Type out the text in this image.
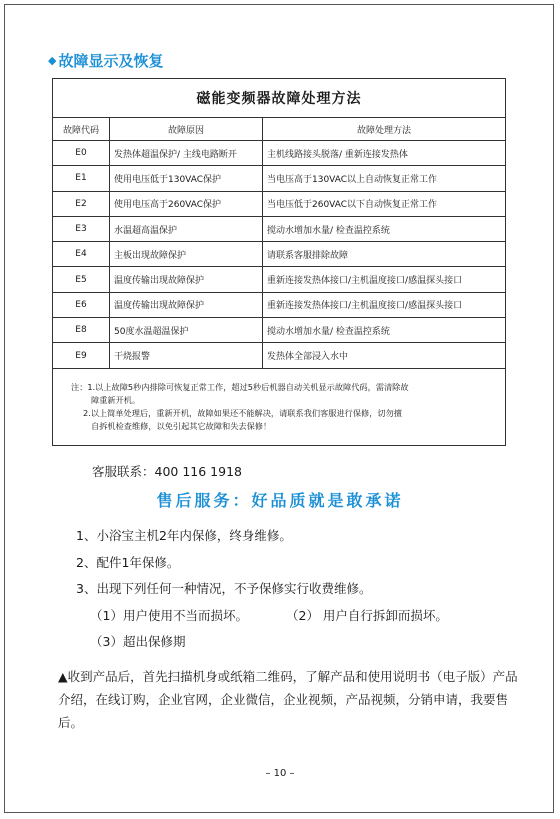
◆ 故障显示及恢复
磁能变频器故障处理方法		
故障代码	故障原因	故障处理方法
E0	发热体超温保护/ 主线电路断开	主机线路接头脱落/ 重新连接发热体
E1	使用电压低于130VAC保护	当电压高于130VAC以上自动恢复正常工作
E2	使用电压高于260VAC保护	当电压低于260VAC以下自动恢复正常工作
E3	水温超高温保护	搅动水增加水量/ 检查温控系统
E4	主板出现故障保护	请联系客服排除故障
E5	温度传输出现故障保护	重新连接发热体接口/主机温度接口/感温探头接口
E6	温度传输出现故障保护	重新连接发热体接口/主机温度接口/感温探头接口
E8	50度水温超温保护	搅动水增加水量/ 检查温控系统
E9	干烧报警	发热体全部浸入水中

注：1.以上故障5秒内排除可恢复正常工作，超过5秒后机器自动关机显示故障代码，需清除故
障重新开机。
2.以上简单处理后，重新开机，故障如果还不能解决，请联系我们客服进行保修，切勿擅
自拆机检查维修，以免引起其它故障和失去保修！		
客服联系：400 116 1918
售后服务：好品质就是敢承诺
1、小浴宝主机2年内保修，终身维修。
2、配件1年保修。
3、出现下列任何一种情况，不予保修实行收费维修。
（1）用户使用不当而损坏。	（2） 用户自行拆卸而损坏。
（3）超出保修期
▲收到产品后，首先扫描机身或纸箱二维码，了解产品和使用说明书（电子版）产品介绍，在线订购，企业官网，企业微信，企业视频，产品视频，分销申请，我要售后。
– 10 –
